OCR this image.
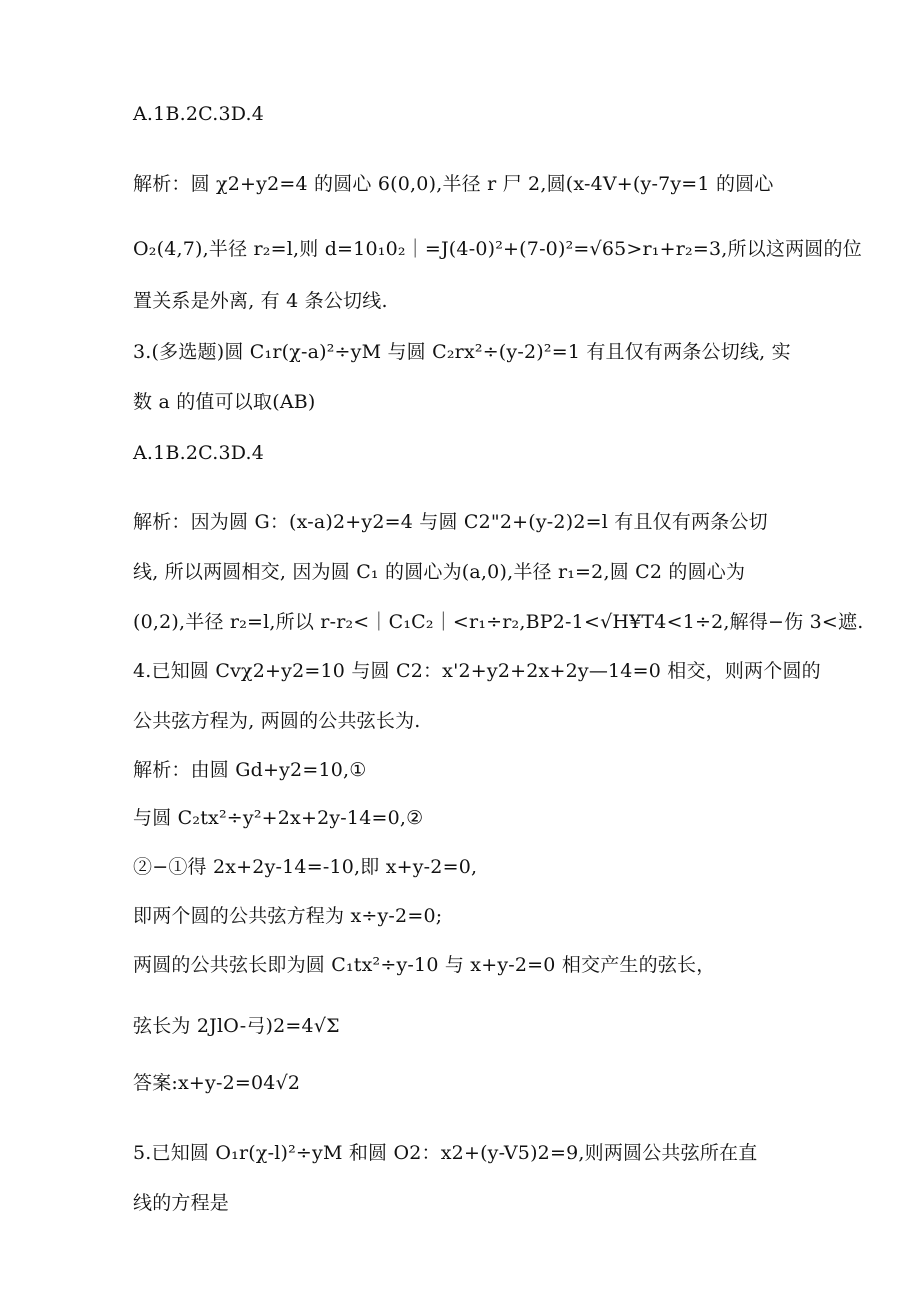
A.1B.2C.3D.4
解析：圆 χ2+y2=4 的圆心 6(0,0),半径 r 尸 2,圆(x-4V+(y-7y=1 的圆心
O₂(4,7),半径 r₂=l,则 d=10₁0₂｜=J(4-0)²+(7-0)²=√65>r₁+r₂=3,所以这两圆的位
置关系是外离, 有 4 条公切线.
3.(多选题)圆 C₁r(χ-a)²÷yM 与圆 C₂rx²÷(y-2)²=1 有且仅有两条公切线, 实
数 a 的值可以取(AB)
A.1B.2C.3D.4
解析：因为圆 G：(x-a)2+y2=4 与圆 C2"2+(y-2)2=l 有且仅有两条公切
线, 所以两圆相交, 因为圆 C₁ 的圆心为(a,0),半径 r₁=2,圆 C2 的圆心为
(0,2),半径 r₂=l,所以 r-r₂<｜C₁C₂｜<r₁÷r₂,BP2-1<√H¥T4<1÷2,解得−伤 3<遮.
4.已知圆 Cvχ2+y2=10 与圆 C2：x'2+y2+2x+2y—14=0 相交，则两个圆的
公共弦方程为, 两圆的公共弦长为.
解析：由圆 Gd+y2=10,①
与圆 C₂tx²÷y²+2x+2y-14=0,②
②−①得 2x+2y-14=-10,即 x+y-2=0,
即两个圆的公共弦方程为 x÷y-2=0;
两圆的公共弦长即为圆 C₁tx²÷y-10 与 x+y-2=0 相交产生的弦长，
弦长为 2JlO-弓)2=4√Σ
答案:x+y-2=04√2
5.已知圆 O₁r(χ-l)²÷yM 和圆 O2：x2+(y-V5)2=9,则两圆公共弦所在直
线的方程是
